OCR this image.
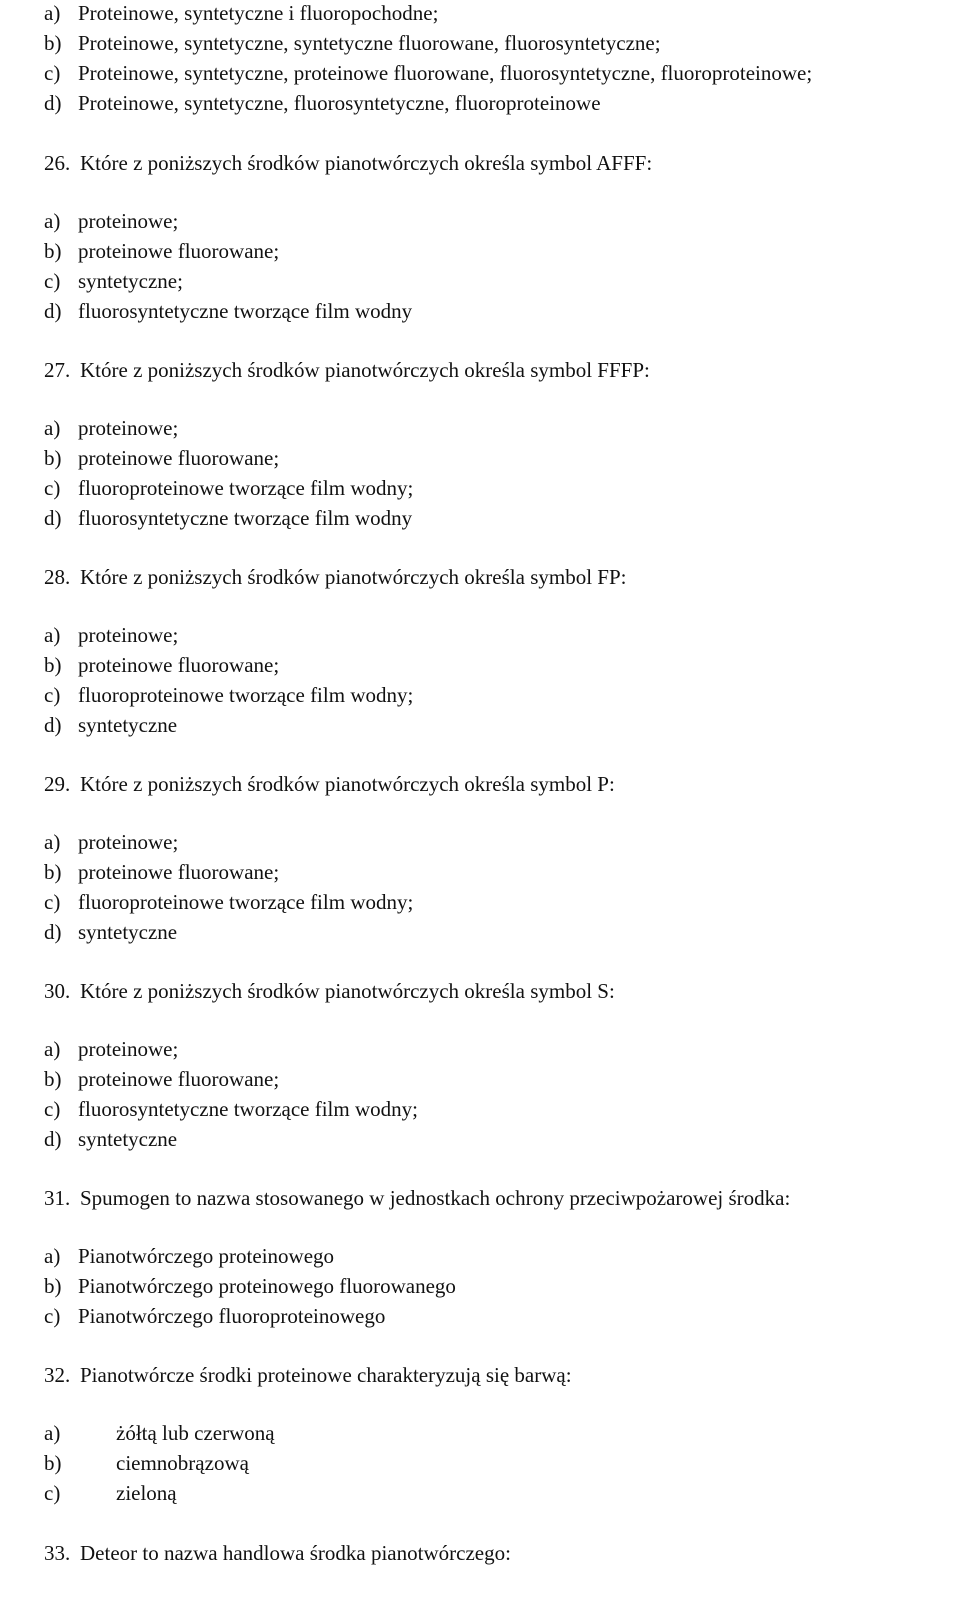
a) Proteinowe, syntetyczne i fluoropochodne;
b) Proteinowe, syntetyczne, syntetyczne fluorowane, fluorosyntetyczne;
c) Proteinowe, syntetyczne, proteinowe fluorowane, fluorosyntetyczne, fluoroproteinowe;
d) Proteinowe, syntetyczne, fluorosyntetyczne, fluoroproteinowe
26. Które z poniższych środków pianotwórczych określa symbol AFFF:
a) proteinowe;
b) proteinowe fluorowane;
c) syntetyczne;
d) fluorosyntetyczne tworzące film wodny
27. Które z poniższych środków pianotwórczych określa symbol FFFP:
a) proteinowe;
b) proteinowe fluorowane;
c) fluoroproteinowe tworzące film wodny;
d) fluorosyntetyczne tworzące film wodny
28. Które z poniższych środków pianotwórczych określa symbol FP:
a) proteinowe;
b) proteinowe fluorowane;
c) fluoroproteinowe tworzące film wodny;
d) syntetyczne
29. Które z poniższych środków pianotwórczych określa symbol P:
a) proteinowe;
b) proteinowe fluorowane;
c) fluoroproteinowe tworzące film wodny;
d) syntetyczne
30. Które z poniższych środków pianotwórczych określa symbol S:
a) proteinowe;
b) proteinowe fluorowane;
c) fluorosyntetyczne tworzące film wodny;
d) syntetyczne
31. Spumogen to nazwa stosowanego w jednostkach ochrony przeciwpożarowej środka:
a) Pianotwórczego proteinowego
b) Pianotwórczego proteinowego fluorowanego
c) Pianotwórczego fluoroproteinowego
32. Pianotwórcze środki proteinowe charakteryzują się barwą:
a)	żółtą lub czerwoną
b)	ciemnobrązową
c)	zieloną
33. Deteor to nazwa handlowa środka pianotwórczego:
